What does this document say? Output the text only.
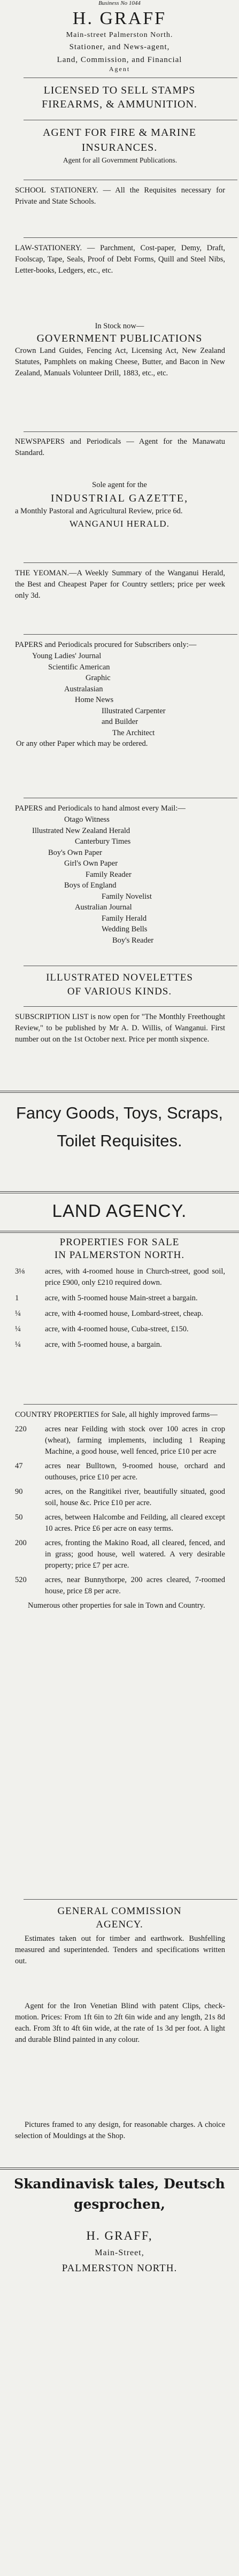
Business No 1044
H. GRAFF
Main-street Palmerston North.
Stationer, and News-agent,
Land, Commission, and Financial
Agent
LICENSED TO SELL STAMPS
FIREARMS, & AMMUNITION.
AGENT FOR FIRE & MARINE
INSURANCES.
Agent for all Government Publications.
SCHOOL STATIONERY. — All the Requisites necessary for Private and State Schools.
LAW-STATIONERY. — Parchment, Cost-paper, Demy, Draft, Foolscap, Tape, Seals, Proof of Debt Forms, Quill and Steel Nibs, Letter-books, Ledgers, etc., etc.
In Stock now—
GOVERNMENT PUBLICATIONS
Crown Land Guides, Fencing Act, Licensing Act, New Zealand Statutes, Pamphlets on making Cheese, Butter, and Bacon in New Zealand, Manuals Volunteer Drill, 1883, etc., etc.
NEWSPAPERS and Periodicals — Agent for the Manawatu Standard.
Sole agent for the
INDUSTRIAL GAZETTE,
a Monthly Pastoral and Agricultural Review, price 6d.
WANGANUI HERALD.
THE YEOMAN.—A Weekly Summary of the Wanganui Herald, the Best and Cheapest Paper for Country settlers; price per week only 3d.
PAPERS and Periodicals procured for Subscribers only:—
Young Ladies' Journal
Scientific American
Graphic
Australasian
Home News
Illustrated Carpenter
and Builder
The Architect
Or any other Paper which may be ordered.
PAPERS and Periodicals to hand almost every Mail:—
Otago Witness
Illustrated New Zealand Herald
Canterbury Times
Boy's Own Paper
Girl's Own Paper
Family Reader
Boys of England
Family Novelist
Australian Journal
Family Herald
Wedding Bells
Boy's Reader
ILLUSTRATED NOVELETTES
OF VARIOUS KINDS.
SUBSCRIPTION LIST is now open for "The Monthly Freethought Review," to be published by Mr A. D. Willis, of Wanganui. First number out on the 1st October next. Price per month sixpence.
Fancy Goods, Toys, Scraps, Toilet Requisites.
LAND AGENCY.
PROPERTIES FOR SALE
IN PALMERSTON NORTH.
3⅛	acres, with 4-roomed house in Church-street, good soil, price £900, only £210 required down.
1	acre, with 5-roomed house Main-street a bargain.
¼	acre, with 4-roomed house, Lombard-street, cheap.
¼	acre, with 4-roomed house, Cuba-street, £150.
¼	acre, with 5-roomed house, a bargain.
COUNTRY PROPERTIES for Sale, all highly improved farms—
220	acres near Feilding with stock over 100 acres in crop (wheat), farming implements, including 1 Reaping Machine, a good house, well fenced, price £10 per acre
47	acres near Bulltown, 9-roomed house, orchard and outhouses, price £10 per acre.
90	acres, on the Rangitikei river, beautifully situated, good soil, house &c. Price £10 per acre.
50	acres, between Halcombe and Feilding, all cleared except 10 acres. Price £6 per acre on easy terms.
200	acres, fronting the Makino Road, all cleared, fenced, and in grass; good house, well watered. A very desirable property; price £7 per acre.
520	acres, near Bunnythorpe, 200 acres cleared, 7-roomed house, price £8 per acre.
Numerous other properties for sale in Town and Country.
GENERAL COMMISSION
AGENCY.
Estimates taken out for timber and earthwork. Bushfelling measured and superintended. Tenders and specifications written out.
Agent for the Iron Venetian Blind with patent Clips, check-motion. Prices: From 1ft 6in to 2ft 6in wide and any length, 21s 8d each. From 3ft to 4ft 6in wide, at the rate of 1s 3d per foot. A light and durable Blind painted in any colour.
Pictures framed to any design, for reasonable charges. A choice selection of Mouldings at the Shop.
Skandinavisk tales, Deutsch
gesprochen,
H. GRAFF,
Main-Street,
PALMERSTON NORTH.
